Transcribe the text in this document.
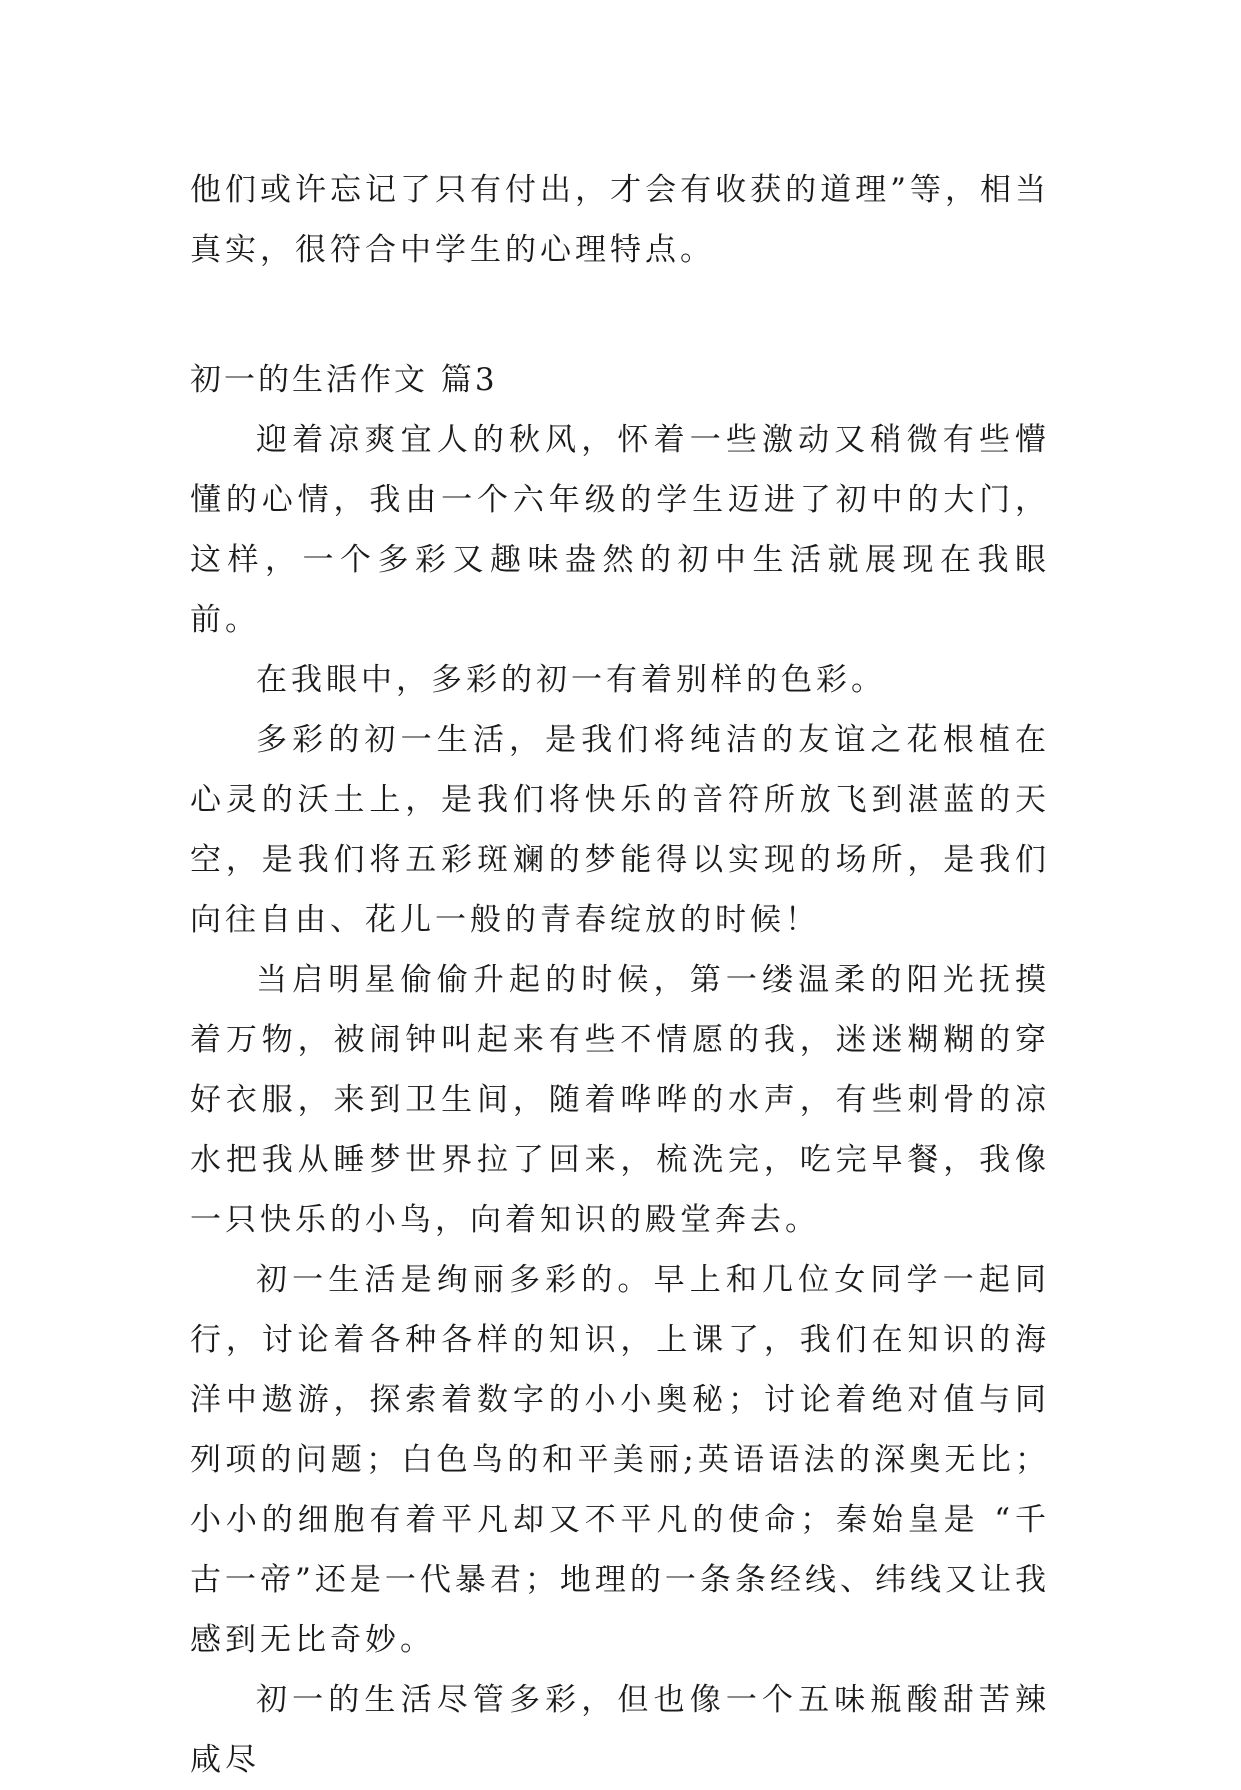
他们或许忘记了只有付出，才会有收获的道理”等，相当真实，很符合中学生的心理特点。

初一的生活作文 篇3

迎着凉爽宜人的秋风，怀着一些激动又稍微有些懵懂的心情，我由一个六年级的学生迈进了初中的大门，这样，一个多彩又趣味盎然的初中生活就展现在我眼前。

在我眼中，多彩的初一有着别样的色彩。

多彩的初一生活，是我们将纯洁的友谊之花根植在心灵的沃土上，是我们将快乐的音符所放飞到湛蓝的天空，是我们将五彩斑斓的梦能得以实现的场所，是我们向往自由、花儿一般的青春绽放的时候！

当启明星偷偷升起的时候，第一缕温柔的阳光抚摸着万物，被闹钟叫起来有些不情愿的我，迷迷糊糊的穿好衣服，来到卫生间，随着哗哗的水声，有些刺骨的凉水把我从睡梦世界拉了回来，梳洗完，吃完早餐，我像一只快乐的小鸟，向着知识的殿堂奔去。

初一生活是绚丽多彩的。早上和几位女同学一起同行，讨论着各种各样的知识，上课了，我们在知识的海洋中遨游，探索着数字的小小奥秘；讨论着绝对值与同列项的问题；白色鸟的和平美丽;英语语法的深奥无比；小小的细胞有着平凡却又不平凡的使命；秦始皇是 “千古一帝”还是一代暴君；地理的一条条经线、纬线又让我感到无比奇妙。

初一的生活尽管多彩，但也像一个五味瓶酸甜苦辣咸尽
